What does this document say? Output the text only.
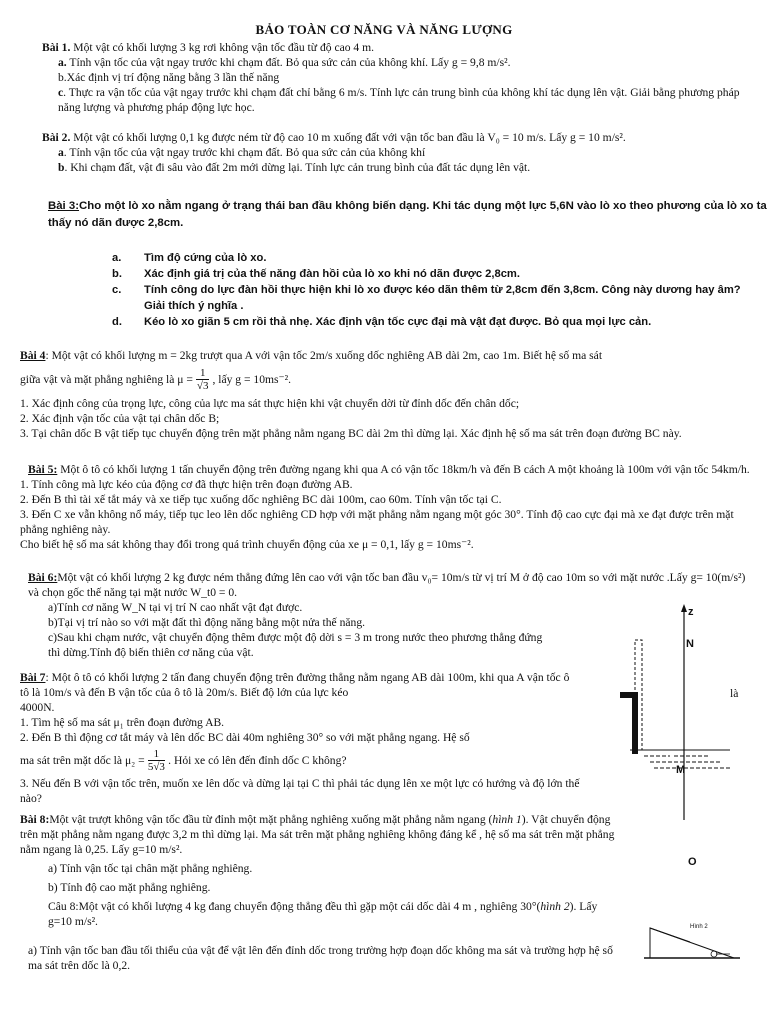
BẢO TOÀN CƠ NĂNG VÀ NĂNG LƯỢNG
Bài 1. Một vật có khối lượng 3 kg rơi không vận tốc đầu từ độ cao 4 m.
a. Tính vận tốc của vật ngay trước khi chạm đất. Bỏ qua sức cản của không khí. Lấy g = 9,8 m/s².
b.Xác định vị trí động năng bằng 3 lần thế năng
c. Thực ra vận tốc của vật ngay trước khi chạm đất chỉ bằng 6 m/s. Tính lực cản trung bình của không khí tác dụng lên vật. Giải bằng phương pháp năng lượng và phương pháp động lực học.
Bài 2. Một vật có khối lượng 0,1 kg được ném từ độ cao 10 m xuống đất với vận tốc ban đầu là V₀ = 10 m/s. Lấy g = 10 m/s².
a. Tính vận tốc của vật ngay trước khi chạm đất. Bỏ qua sức cản của không khí
b. Khi chạm đất, vật đi sâu vào đất 2m mới dừng lại. Tính lực cản trung bình của đất tác dụng lên vật.
Bài 3:Cho một lò xo nằm ngang ở trạng thái ban đầu không biến dạng. Khi tác dụng một lực 5,6N vào lò xo theo phương của lò xo ta thấy nó dãn được 2,8cm.
a.	Tìm độ cứng của lò xo.
b.	Xác định giá trị của thế năng đàn hồi của lò xo khi nó dãn được 2,8cm.
c.	Tính công do lực đàn hồi thực hiện khi lò xo được kéo dãn thêm từ 2,8cm đến 3,8cm. Công này dương hay âm? Giải thích ý nghĩa .
d.	Kéo lò xo giãn 5 cm rồi thả nhẹ. Xác định vận tốc cực đại mà vật đạt được. Bỏ qua mọi lực cản.
Bài 4: Một vật có khối lượng m = 2kg trượt qua A với vận tốc 2m/s xuống dốc nghiêng AB dài 2m, cao 1m. Biết hệ số ma sát
giữa vật và mặt phẳng nghiêng là $\mu = \frac{1}{√3}$ , lấy g = 10ms⁻².
1. Xác định công của trọng lực, công của lực ma sát thực hiện khi vật chuyển dời từ đỉnh dốc đến chân dốc;
2. Xác định vận tốc của vật tại chân dốc B;
3. Tại chân dốc B vật tiếp tục chuyển động trên mặt phẳng nằm ngang BC dài 2m thì dừng lại. Xác định hệ số ma sát trên đoạn đường BC này.
Bài 5: Một ô tô có khối lượng 1 tấn chuyển động trên đường ngang khi qua A có vận tốc 18km/h và đến B cách A một khoảng là 100m với vận tốc 54km/h.
1. Tính công mà lực kéo của động cơ đã thực hiện trên đoạn đường AB.
2. Đến B thì tài xế tắt máy và xe tiếp tục xuống dốc nghiêng BC dài 100m, cao 60m. Tính vận tốc tại C.
3. Đến C xe vẫn không nổ máy, tiếp tục leo lên dốc nghiêng CD hợp với mặt phẳng nằm ngang một góc 30°. Tính độ cao cực đại mà xe đạt được trên mặt phẳng nghiêng này.
Cho biết hệ số ma sát không thay đổi trong quá trình chuyển động của xe μ = 0,1, lấy g = 10ms⁻².
Bài 6:Một vật có khối lượng 2 kg được ném thẳng đứng lên cao với vận tốc ban đầu v₀= 10m/s từ vị trí M ở độ cao 10m so với mặt nước .Lấy g= 10(m/s²) và chọn gốc thế năng tại mặt nước W_t0 = 0.
a)Tính cơ năng W_N tại vị trí N cao nhất vật đạt được.
b)Tại vị trí nào so với mặt đất thì động năng bằng một nửa thế năng.
c)Sau khi chạm nước, vật chuyển động thêm được một độ dời s = 3 m trong nước theo phương thẳng đứng thì dừng.Tính độ biến thiên cơ năng của vật.
Bài 7: Một ô tô có khối lượng 2 tấn đang chuyển động trên đường thẳng nằm ngang AB dài 100m, khi qua A vận tốc ô tô là 10m/s và đến B vận tốc của ô tô là 20m/s. Biết độ lớn của lực kéo
4000N.
1. Tìm hệ số ma sát μ₁ trên đoạn đường AB.
2. Đến B thì động cơ tắt máy và lên dốc BC dài 40m nghiêng 30° so với mặt phẳng ngang. Hệ số
ma sát trên mặt dốc là $\mu_2 = \frac{1}{5√3}$ . Hỏi xe có lên đến đỉnh dốc C không?
3. Nếu đến B với vận tốc trên, muốn xe lên dốc và dừng lại tại C thì phải tác dụng lên xe một lực có hướng và độ lớn thế nào?
là
Bài 8:Một vật trượt không vận tốc đầu từ đỉnh một mặt phẳng nghiêng xuống mặt phẳng nằm ngang (hình 1). Vật chuyển động trên mặt phẳng nằm ngang được 3,2 m thì dừng lại. Ma sát trên mặt phẳng nghiêng không đáng kể , hệ số ma sát trên mặt phẳng nằm ngang là 0,25. Lấy g=10 m/s².
a) Tính vận tốc tại chân mặt phẳng nghiêng.
b) Tính độ cao mặt phẳng nghiêng.
Câu 8:Một vật có khối lượng 4 kg đang chuyển động thẳng đều thì gặp một cái dốc dài 4 m , nghiêng 30°(hình 2). Lấy g=10 m/s².
a) Tính vận tốc ban đầu tối thiểu của vật để vật lên đến đỉnh dốc trong trường hợp đoạn dốc không ma sát và trường hợp hệ số ma sát trên dốc là 0,2.
z
N
M
O
Hình 2
